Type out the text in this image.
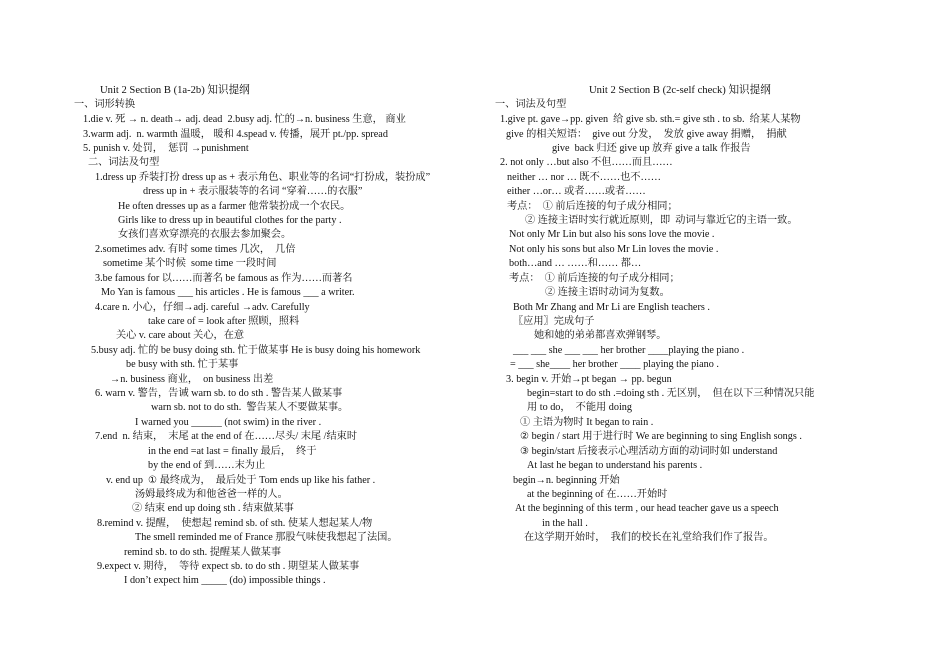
Unit 2 Section B (1a-2b) 知识提纲
一、词形转换
1.die v. 死 → n. death→ adj. dead  2.busy adj. 忙的→n. business 生意， 商业
3.warm adj.  n. warmth 温暖， 暖和 4.spead v. 传播，展开 pt./pp. spread
5. punish v. 处罚，  惩罚 →punishment
二、词法及句型
1.dress up 乔装打扮 dress up as + 表示角色、职业等的名词“打扮成，装扮成”
dress up in + 表示服装等的名词 “穿着……的衣服”
He often dresses up as a farmer 他常装扮成一个农民。
Girls like to dress up in beautiful clothes for the party .
女孩们喜欢穿漂亮的衣服去参加聚会。
2.sometimes adv. 有时 some times 几次，  几倍
sometime 某个时候  some time 一段时间
3.be famous for 以……而著名 be famous as 作为……而著名
Mo Yan is famous ___ his articles . He is famous ___ a writer.
4.care n. 小心，仔细→adj. careful →adv. Carefully
take care of = look after 照顾，照料
关心 v. care about 关心，在意
5.busy adj. 忙的 be busy doing sth. 忙于做某事 He is busy doing his homework
be busy with sth. 忙于某事
→n. business 商业，  on business 出差
6. warn v. 警告，告诫 warn sb. to do sth . 警告某人做某事
warn sb. not to do sth.  警告某人不要做某事。
I warned you ______ (not swim) in the river .
7.end  n. 结束，  末尾 at the end of 在……尽头/ 末尾 /结束时
in the end =at last = finally 最后，  终于
by the end of 到……末为止
v. end up  ① 最终成为，  最后处于 Tom ends up like his father .
汤姆最终成为和他爸爸一样的人。
② 结束 end up doing sth . 结束做某事
8.remind v. 提醒，  使想起 remind sb. of sth. 使某人想起某人/物
The smell reminded me of France 那股气味使我想起了法国。
remind sb. to do sth. 提醒某人做某事
9.expect v. 期待，  等待 expect sb. to do sth . 期望某人做某事
I don’t expect him _____ (do) impossible things .
Unit 2 Section B (2c-self check) 知识提纲
一、词法及句型
1.give pt. gave→pp. given  给 give sb. sth.= give sth . to sb.  给某人某物
give 的相关短语：  give out 分发，  发放 give away 捐赠，  捐献
give  back 归还 give up 放弃 give a talk 作报告
2. not only …but also 不但……而且……
neither … nor … 既不……也不……
either …or… 或者……或者……
考点：  ① 前后连接的句子成分相同；
② 连接主语时实行就近原则，即  动词与靠近它的主语一致。
Not only Mr Lin but also his sons love the movie .
Not only his sons but also Mr Lin loves the movie .
both…and … ……和…… 都…
考点：  ① 前后连接的句子成分相同；
② 连接主语时动词为复数。
Both Mr Zhang and Mr Li are English teachers .
〖应用〗完成句子
她和她的弟弟都喜欢弹钢琴。
___ ___ she ___ ___ her brother ____playing the piano .
= ___ she____ her brother ____ playing the piano .
3. begin v. 开始→pt began → pp. begun
begin=start to do sth .=doing sth . 无区别，  但在以下三种情况只能
用 to do，  不能用 doing
① 主语为物时 It began to rain .
② begin / start 用于进行时 We are beginning to sing English songs .
③ begin/start 后接表示心理活动方面的动词时如 understand
At last he began to understand his parents .
begin→n. beginning 开始
at the beginning of 在……开始时
At the beginning of this term , our head teacher gave us a speech
in the hall .
在这学期开始时，  我们的校长在礼堂给我们作了报告。
